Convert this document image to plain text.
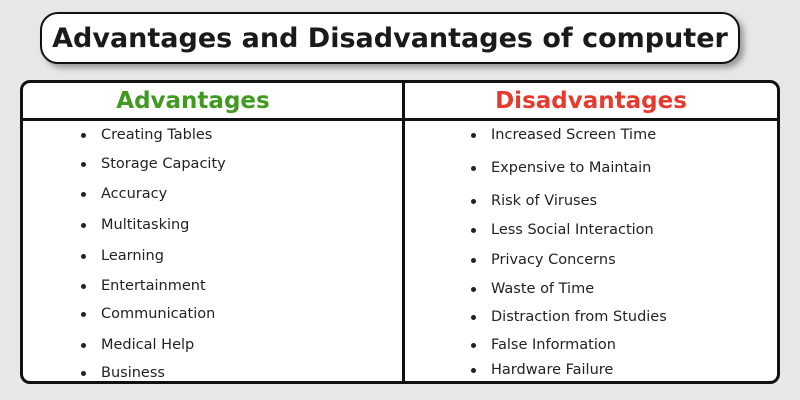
Advantages and Disadvantages of computer
Advantages	Disadvantages
Creating Tables
Storage Capacity
Accuracy
Multitasking
Learning
Entertainment
Communication
Medical Help
Business
Increased Screen Time
Expensive to Maintain
Risk of Viruses
Less Social Interaction
Privacy Concerns
Waste of Time
Distraction from Studies
False Information
Hardware Failure
